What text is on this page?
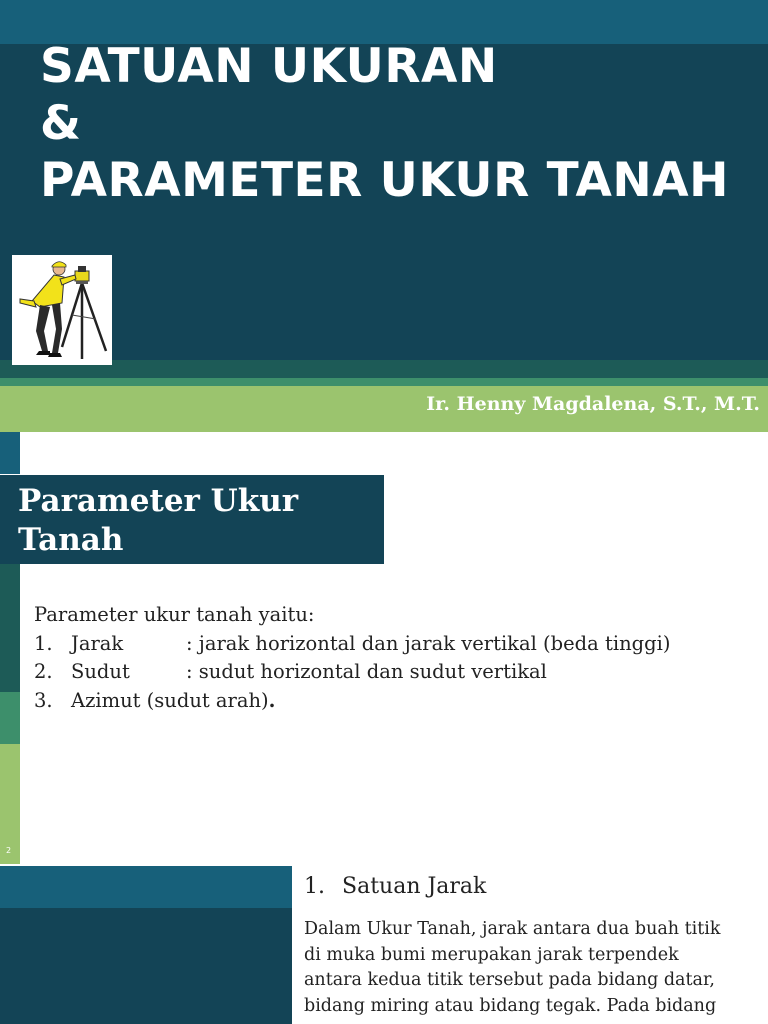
SATUAN UKURAN
&
PARAMETER UKUR TANAH
Ir. Henny Magdalena, S.T., M.T.
2
Parameter Ukur Tanah
Parameter ukur tanah yaitu:
1. Jarak	: jarak horizontal dan jarak vertikal (beda tinggi)
2. Sudut	: sudut horizontal dan sudut vertikal
3. Azimut (sudut arah) .
1. Satuan Jarak
Dalam Ukur Tanah, jarak antara dua buah titik
di muka bumi merupakan jarak terpendek
antara kedua titik tersebut pada bidang datar,
bidang miring atau bidang tegak. Pada bidang
